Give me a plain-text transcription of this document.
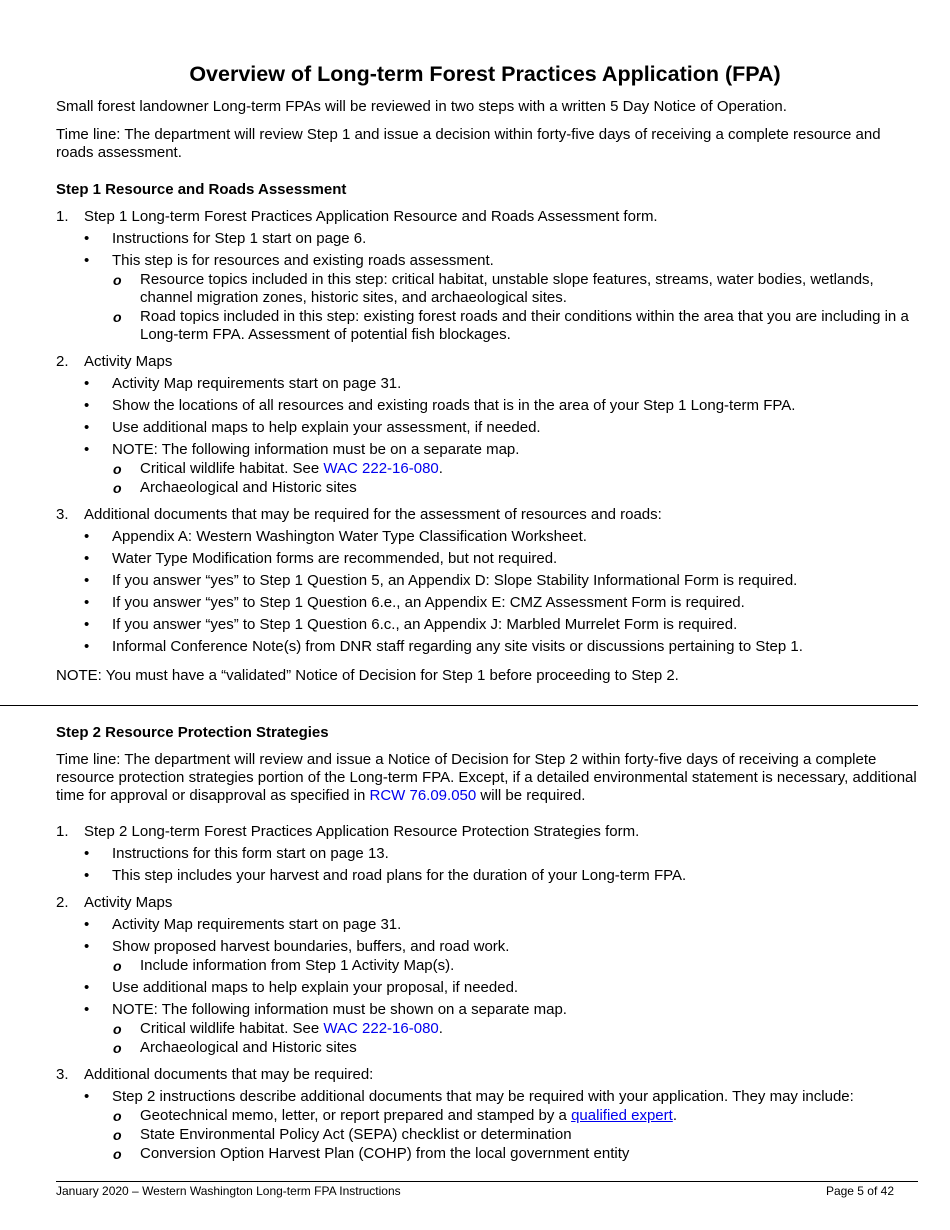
Overview of Long-term Forest Practices Application (FPA)

Small forest landowner Long-term FPAs will be reviewed in two steps with a written 5 Day Notice of Operation.

Time line: The department will review Step 1 and issue a decision within forty-five days of receiving a complete resource and roads assessment.

Step 1 Resource and Roads Assessment

1. Step 1 Long-term Forest Practices Application Resource and Roads Assessment form.
• Instructions for Step 1 start on page 6.
• This step is for resources and existing roads assessment.
o Resource topics included in this step: critical habitat, unstable slope features, streams, water bodies, wetlands, channel migration zones, historic sites, and archaeological sites.
o Road topics included in this step: existing forest roads and their conditions within the area that you are including in a Long-term FPA. Assessment of potential fish blockages.
2. Activity Maps
• Activity Map requirements start on page 31.
• Show the locations of all resources and existing roads that is in the area of your Step 1 Long-term FPA.
• Use additional maps to help explain your assessment, if needed.
• NOTE: The following information must be on a separate map.
o Critical wildlife habitat. See WAC 222-16-080.
o Archaeological and Historic sites
3. Additional documents that may be required for the assessment of resources and roads:
• Appendix A: Western Washington Water Type Classification Worksheet.
• Water Type Modification forms are recommended, but not required.
• If you answer “yes” to Step 1 Question 5, an Appendix D: Slope Stability Informational Form is required.
• If you answer “yes” to Step 1 Question 6.e., an Appendix E: CMZ Assessment Form is required.
• If you answer “yes” to Step 1 Question 6.c., an Appendix J: Marbled Murrelet Form is required.
• Informal Conference Note(s) from DNR staff regarding any site visits or discussions pertaining to Step 1.

NOTE: You must have a “validated” Notice of Decision for Step 1 before proceeding to Step 2.

Step 2 Resource Protection Strategies

Time line: The department will review and issue a Notice of Decision for Step 2 within forty-five days of receiving a complete resource protection strategies portion of the Long-term FPA. Except, if a detailed environmental statement is necessary, additional time for approval or disapproval as specified in RCW 76.09.050 will be required.

1. Step 2 Long-term Forest Practices Application Resource Protection Strategies form.
• Instructions for this form start on page 13.
• This step includes your harvest and road plans for the duration of your Long-term FPA.
2. Activity Maps
• Activity Map requirements start on page 31.
• Show proposed harvest boundaries, buffers, and road work.
o Include information from Step 1 Activity Map(s).
• Use additional maps to help explain your proposal, if needed.
• NOTE: The following information must be shown on a separate map.
o Critical wildlife habitat. See WAC 222-16-080.
o Archaeological and Historic sites
3. Additional documents that may be required:
• Step 2 instructions describe additional documents that may be required with your application. They may include:
o Geotechnical memo, letter, or report prepared and stamped by a qualified expert.
o State Environmental Policy Act (SEPA) checklist or determination
o Conversion Option Harvest Plan (COHP) from the local government entity
January 2020 – Western Washington Long-term FPA Instructions	Page 5 of 42
